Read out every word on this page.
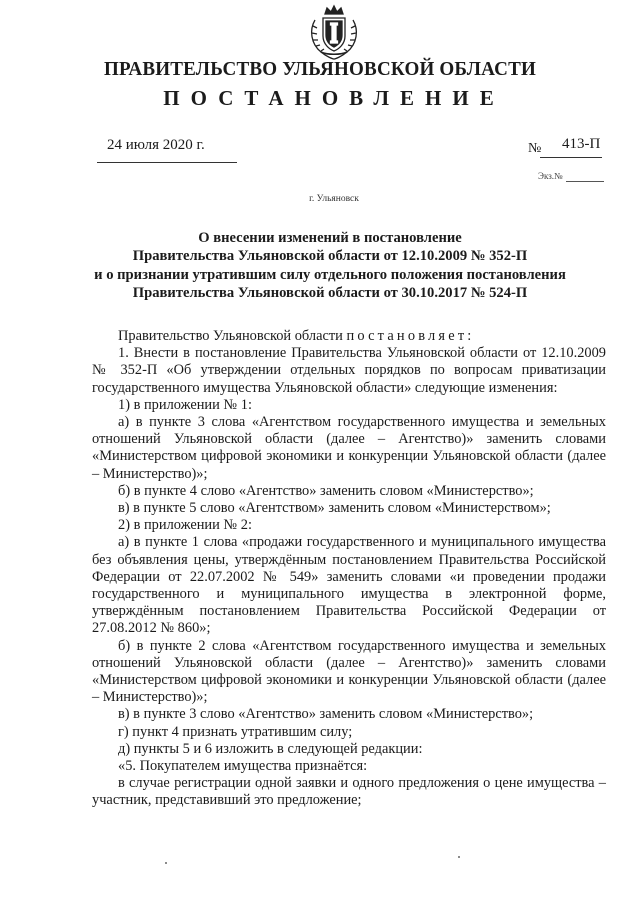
ПРАВИТЕЛЬСТВО УЛЬЯНОВСКОЙ ОБЛАСТИ
ПОСТАНОВЛЕНИЕ
24 июля 2020 г.	№ 413-П
Экз.№
г. Ульяновск
О внесении изменений в постановление
Правительства Ульяновской области от 12.10.2009 № 352-П
и о признании утратившим силу отдельного положения постановления
Правительства Ульяновской области от 30.10.2017 № 524-П

Правительство Ульяновской области постановляет:

1. Внести в постановление Правительства Ульяновской области от 12.10.2009 № 352-П «Об утверждении отдельных порядков по вопросам приватизации государственного имущества Ульяновской области» следующие изменения:

1) в приложении № 1:

а) в пункте 3 слова «Агентством государственного имущества и земельных отношений Ульяновской области (далее – Агентство)» заменить словами «Министерством цифровой экономики и конкуренции Ульяновской области (далее – Министерство)»;

б) в пункте 4 слово «Агентство» заменить словом «Министерство»;

в) в пункте 5 слово «Агентством» заменить словом «Министерством»;

2) в приложении № 2:

а) в пункте 1 слова «продажи государственного и муниципального имущества без объявления цены, утверждённым постановлением Правительства Российской Федерации от 22.07.2002 № 549» заменить словами «и проведении продажи государственного и муниципального имущества в электронной форме, утверждённым постановлением Правительства Российской Федерации от 27.08.2012 № 860»;

б) в пункте 2 слова «Агентством государственного имущества и земельных отношений Ульяновской области (далее – Агентство)» заменить словами «Министерством цифровой экономики и конкуренции Ульяновской области (далее – Министерство)»;

в) в пункте 3 слово «Агентство» заменить словом «Министерство»;

г) пункт 4 признать утратившим силу;

д) пункты 5 и 6 изложить в следующей редакции:

«5. Покупателем имущества признаётся:

в случае регистрации одной заявки и одного предложения о цене имущества – участник, представивший это предложение;
